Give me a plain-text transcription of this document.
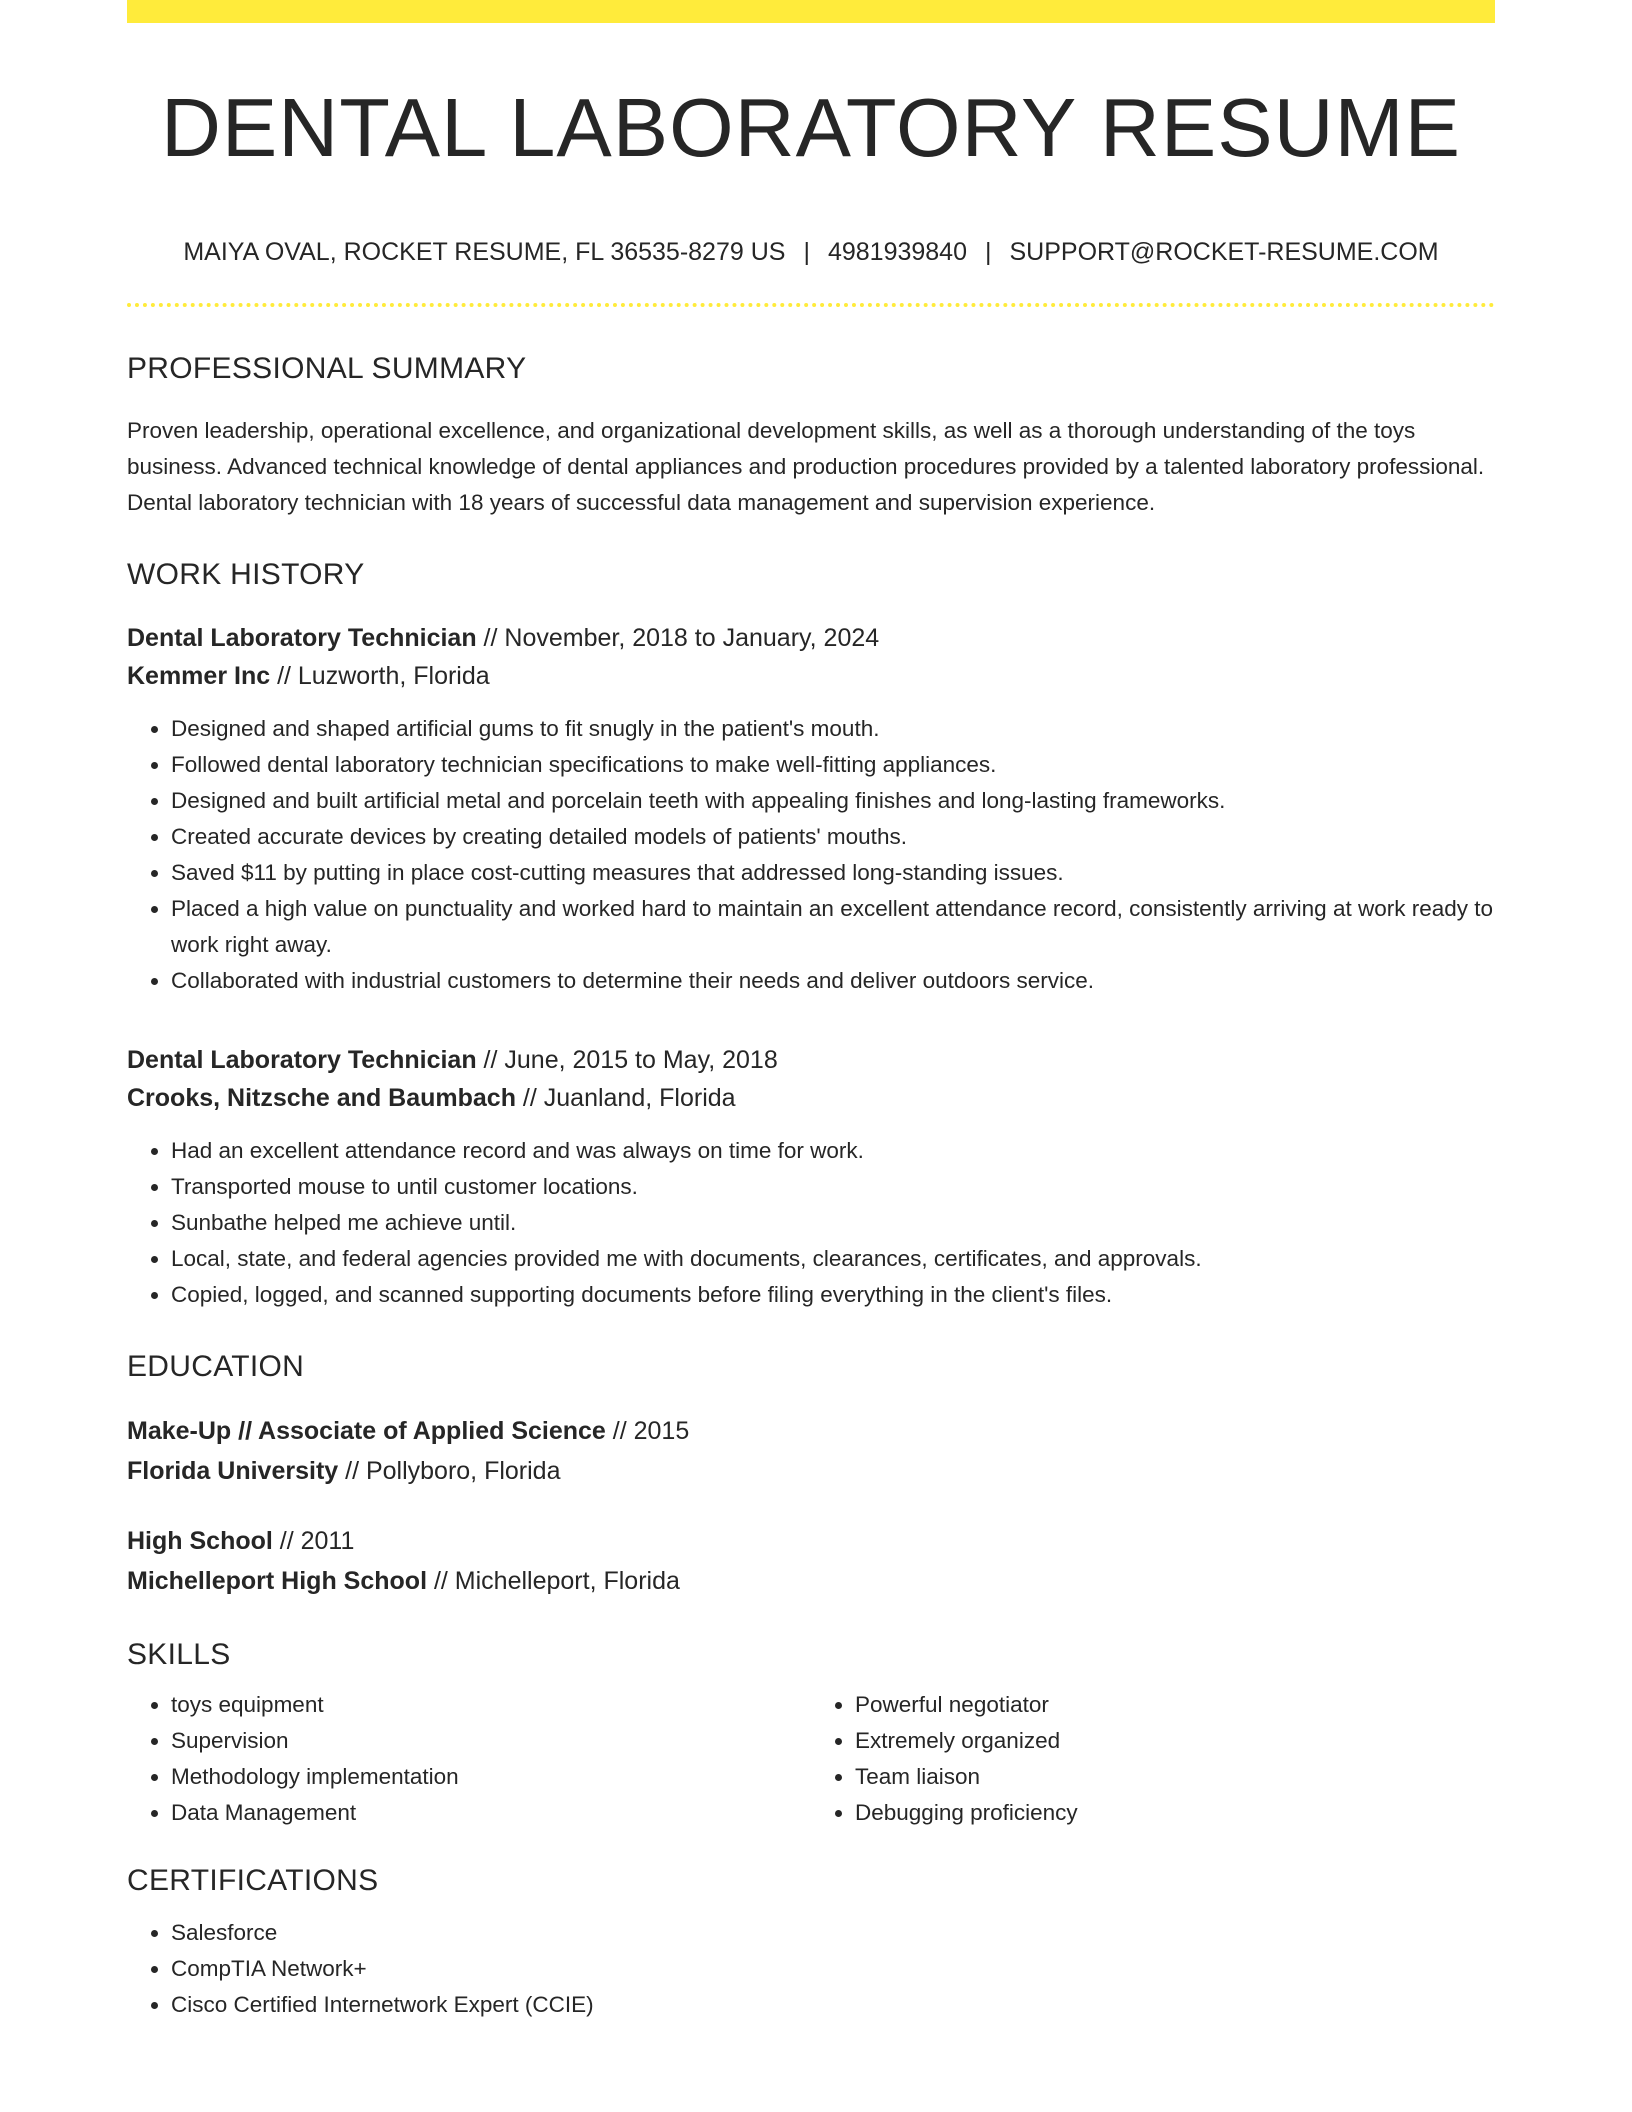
DENTAL LABORATORY RESUME
MAIYA OVAL, ROCKET RESUME, FL 36535-8279 US | 4981939840 | SUPPORT@ROCKET-RESUME.COM
PROFESSIONAL SUMMARY

Proven leadership, operational excellence, and organizational development skills, as well as a thorough understanding of the toys business. Advanced technical knowledge of dental appliances and production procedures provided by a talented laboratory professional. Dental laboratory technician with 18 years of successful data management and supervision experience.

WORK HISTORY
Dental Laboratory Technician // November, 2018 to January, 2024
Kemmer Inc // Luzworth, Florida
• Designed and shaped artificial gums to fit snugly in the patient's mouth.
• Followed dental laboratory technician specifications to make well-fitting appliances.
• Designed and built artificial metal and porcelain teeth with appealing finishes and long-lasting frameworks.
• Created accurate devices by creating detailed models of patients' mouths.
• Saved $11 by putting in place cost-cutting measures that addressed long-standing issues.
• Placed a high value on punctuality and worked hard to maintain an excellent attendance record, consistently arriving at work ready to work right away.
• Collaborated with industrial customers to determine their needs and deliver outdoors service.
Dental Laboratory Technician // June, 2015 to May, 2018
Crooks, Nitzsche and Baumbach // Juanland, Florida
• Had an excellent attendance record and was always on time for work.
• Transported mouse to until customer locations.
• Sunbathe helped me achieve until.
• Local, state, and federal agencies provided me with documents, clearances, certificates, and approvals.
• Copied, logged, and scanned supporting documents before filing everything in the client's files.
EDUCATION
Make-Up // Associate of Applied Science // 2015
Florida University // Pollyboro, Florida
High School // 2011
Michelleport High School // Michelleport, Florida
SKILLS
• toys equipment
• Supervision
• Methodology implementation
• Data Management
• Powerful negotiator
• Extremely organized
• Team liaison
• Debugging proficiency
CERTIFICATIONS
• Salesforce
• CompTIA Network+
• Cisco Certified Internetwork Expert (CCIE)
